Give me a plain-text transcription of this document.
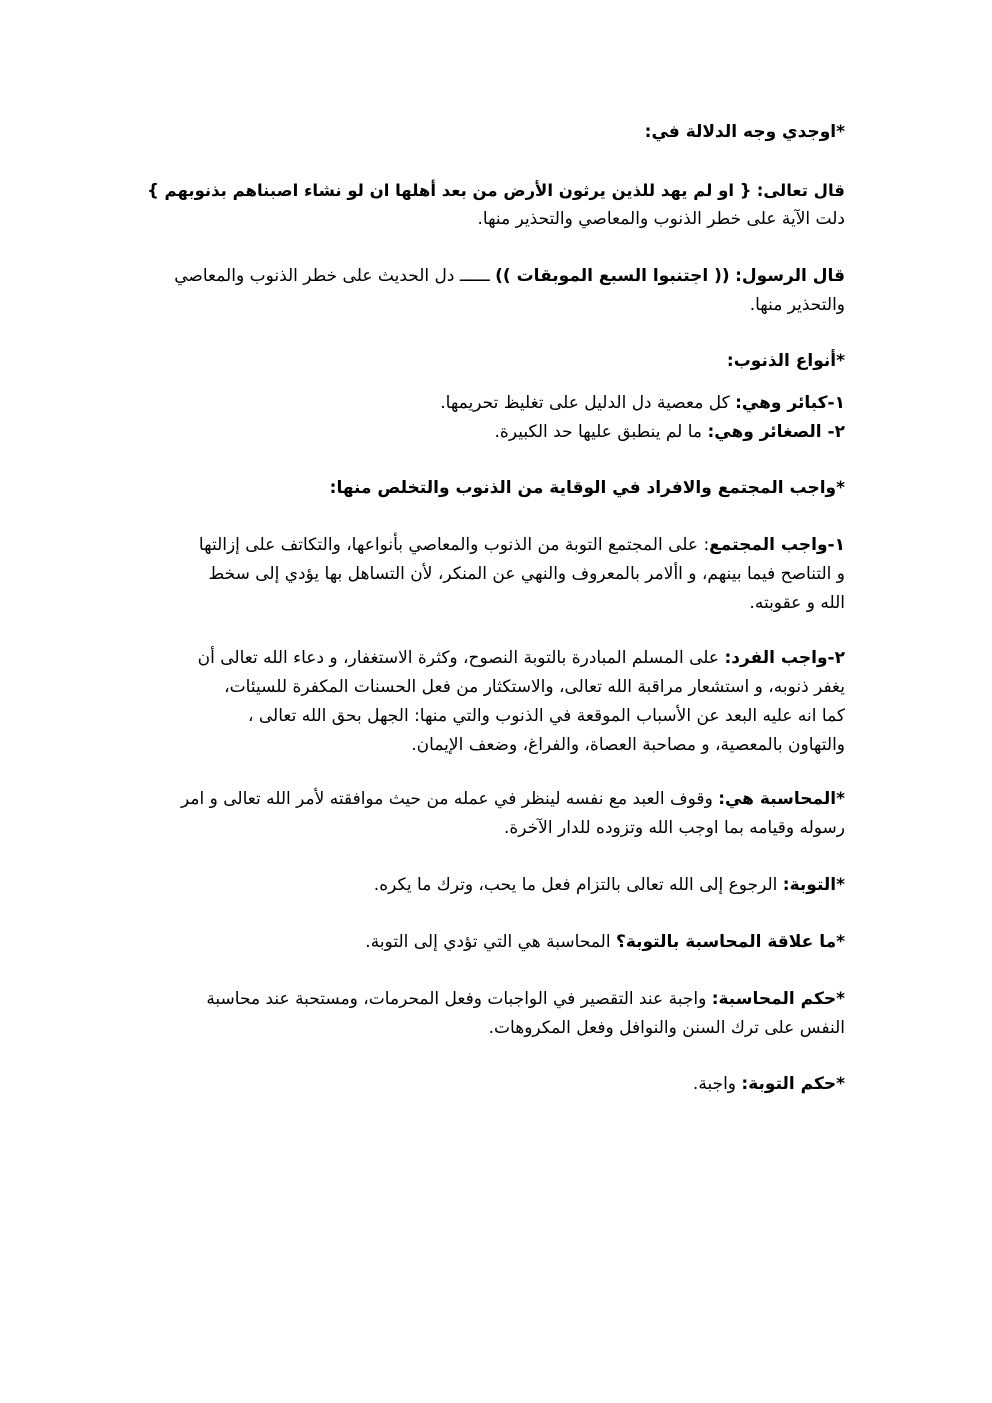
*اوجدي وجه الدلالة في:
قال تعالى: { او لم يهد للذين يرثون الأرض من بعد أهلها ان لو نشاء اصبناهم بذنوبهم }
دلت الآية على خطر الذنوب والمعاصي والتحذير منها.
قال الرسول: (( اجتنبوا السبع الموبقات )) ــــــ دل الحديث على خطر الذنوب والمعاصي
والتحذير منها.
*أنواع الذنوب:
١-كبائر وهي: كل معصية دل الدليل على تغليظ تحريمها.
٢- الصغائر وهي: ما لم ينطبق عليها حد الكبيرة.
*واجب المجتمع والافراد في الوقاية من الذنوب والتخلص منها:
١-واجب المجتمع: على المجتمع التوبة من الذنوب والمعاصي بأنواعها، والتكاتف على إزالتها
و التناصح فيما بينهم، و األامر بالمعروف والنهي عن المنكر، لأن التساهل بها يؤدي إلى سخط
الله و عقوبته.
٢-واجب الفرد: على المسلم المبادرة بالتوبة النصوح، وكثرة الاستغفار، و دعاء الله تعالى أن
يغفر ذنوبه، و استشعار مراقبة الله تعالى، والاستكثار من فعل الحسنات المكفرة للسيئات،
كما انه عليه البعد عن الأسباب الموقعة في الذنوب والتي منها: الجهل بحق الله تعالى ،
والتهاون بالمعصية، و مصاحبة العصاة، والفراغ، وضعف الإيمان.
*المحاسبة هي: وقوف العبد مع نفسه لينظر في عمله من حيث موافقته لأمر الله تعالى و امر
رسوله وقيامه بما اوجب الله وتزوده للدار الآخرة.
*التوبة: الرجوع إلى الله تعالى بالتزام فعل ما يحب، وترك ما يكره.
*ما علاقة المحاسبة بالتوبة؟ المحاسبة هي التي تؤدي إلى التوبة.
*حكم المحاسبة: واجبة عند التقصير في الواجبات وفعل المحرمات، ومستحبة عند محاسبة
النفس على ترك السنن والنوافل وفعل المكروهات.
*حكم التوبة: واجبة.
